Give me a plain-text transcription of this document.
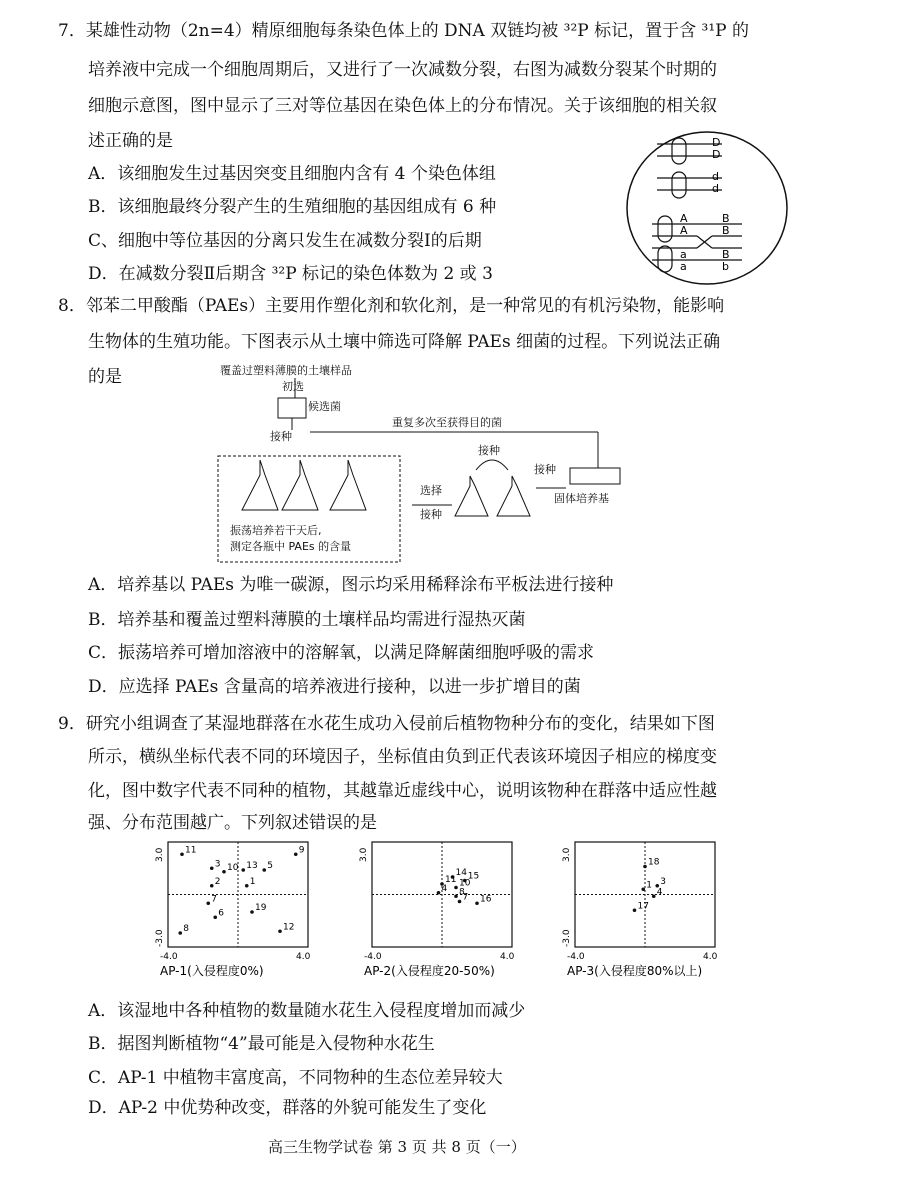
7．某雄性动物（2n=4）精原细胞每条染色体上的 DNA 双链均被 ³²P 标记，置于含 ³¹P 的
培养液中完成一个细胞周期后，又进行了一次减数分裂，右图为减数分裂某个时期的
细胞示意图，图中显示了三对等位基因在染色体上的分布情况。关于该细胞的相关叙
述正确的是
A．该细胞发生过基因突变且细胞内含有 4 个染色体组
B．该细胞最终分裂产生的生殖细胞的基因组成有 6 种
C、细胞中等位基因的分离只发生在减数分裂Ⅰ的后期
D．在减数分裂Ⅱ后期含 ³²P 标记的染色体数为 2 或 3
D
D
d
d
A
A
a
a
B
B
B
b
8．邻苯二甲酸酯（PAEs）主要用作塑化剂和软化剂，是一种常见的有机污染物，能影响
生物体的生殖功能。下图表示从土壤中筛选可降解 PAEs 细菌的过程。下列说法正确
的是	覆盖过塑料薄膜的土壤样品
初选
候选菌
接种
重复多次至获得目的菌
接种
接种
选择
接种
固体培养基
振荡培养若干天后,
测定各瓶中 PAEs 的含量
A．培养基以 PAEs 为唯一碳源，图示均采用稀释涂布平板法进行接种
B．培养基和覆盖过塑料薄膜的土壤样品均需进行湿热灭菌
C．振荡培养可增加溶液中的溶解氧，以满足降解菌细胞呼吸的需求
D．应选择 PAEs 含量高的培养液进行接种，以进一步扩增目的菌
9．研究小组调查了某湿地群落在水花生成功入侵前后植物物种分布的变化，结果如下图
所示，横纵坐标代表不同的环境因子，坐标值由负到正代表该环境因子相应的梯度变
化，图中数字代表不同种的植物，其越靠近虚线中心，说明该物种在群落中适应性越
强、分布范围越广。下列叙述错误的是
11
3 10 13 5
9
2	1
7
6
19
8	12
-4.0	4.0
3.0
-3.0
AP-1(入侵程度0%)
14 15
11 10
4 8
7 16
-4.0	4.0
3.0
AP-2(入侵程度20-50%)
18
1 3
4
17
-4.0	4.0
3.0
-3.0
AP-3(入侵程度80%以上)
A．该湿地中各种植物的数量随水花生入侵程度增加而减少
B．据图判断植物“4”最可能是入侵物种水花生
C．AP-1 中植物丰富度高，不同物种的生态位差异较大
D．AP-2 中优势种改变，群落的外貌可能发生了变化
高三生物学试卷 第 3 页 共 8 页（一）
